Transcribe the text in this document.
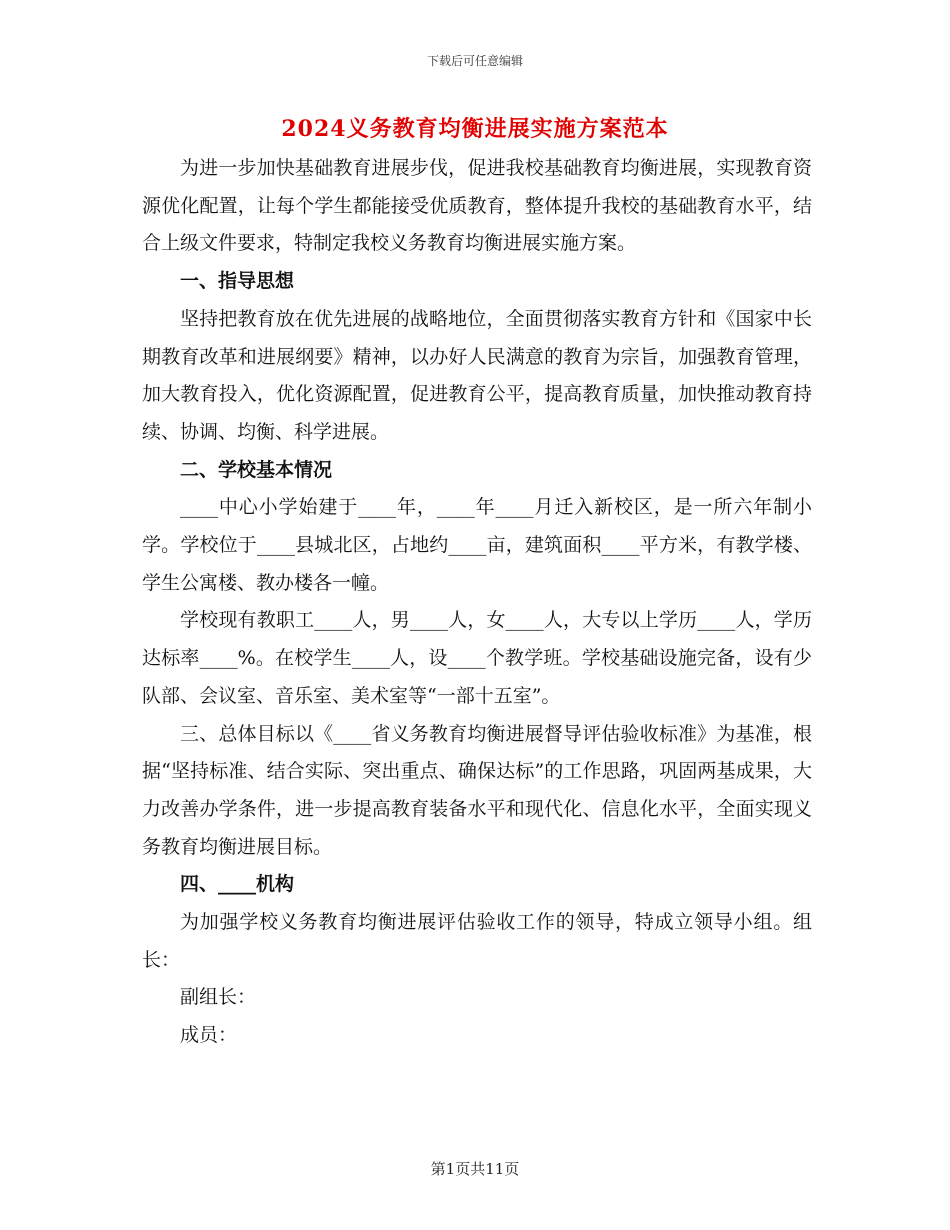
下载后可任意编辑
2024义务教育均衡进展实施方案范本

为进一步加快基础教育进展步伐，促进我校基础教育均衡进展，实现教育资源优化配置，让每个学生都能接受优质教育，整体提升我校的基础教育水平，结合上级文件要求，特制定我校义务教育均衡进展实施方案。

一、指导思想

坚持把教育放在优先进展的战略地位，全面贯彻落实教育方针和《国家中长期教育改革和进展纲要》精神，以办好人民满意的教育为宗旨，加强教育管理，加大教育投入，优化资源配置，促进教育公平，提高教育质量，加快推动教育持续、协调、均衡、科学进展。

二、学校基本情况

____中心小学始建于____年，____年____月迁入新校区，是一所六年制小学。学校位于____县城北区，占地约____亩，建筑面积____平方米，有教学楼、学生公寓楼、教办楼各一幢。

学校现有教职工____人，男____人，女____人，大专以上学历____人，学历达标率____%。在校学生____人，设____个教学班。学校基础设施完备，设有少队部、会议室、音乐室、美术室等“一部十五室”。

三、总体目标以《____省义务教育均衡进展督导评估验收标准》为基准，根据“坚持标准、结合实际、突出重点、确保达标”的工作思路，巩固两基成果，大力改善办学条件，进一步提高教育装备水平和现代化、信息化水平，全面实现义务教育均衡进展目标。

四、____机构

为加强学校义务教育均衡进展评估验收工作的领导，特成立领导小组。组长：

副组长：

成员：

第1页共11页
